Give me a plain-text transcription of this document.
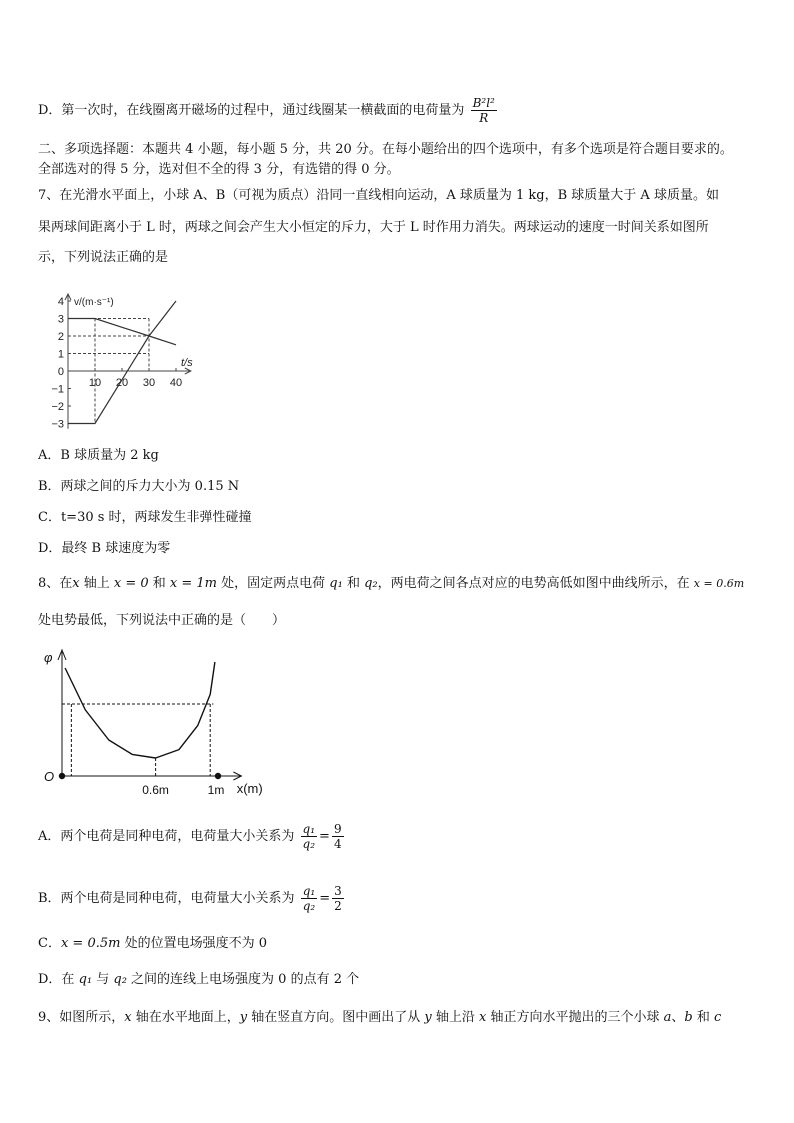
D．第一次时，在线圈离开磁场的过程中，通过线圈某一横截面的电荷量为 $\frac{\text{B²l²}}{R}$
二、多项选择题：本题共 4 小题，每小题 5 分，共 20 分。在每小题给出的四个选项中，有多个选项是符合题目要求的。
全部选对的得 5 分，选对但不全的得 3 分，有选错的得 0 分。
7、在光滑水平面上，小球 A、B（可视为质点）沿同一直线相向运动，A 球质量为 1 kg，B 球质量大于 A 球质量。如
果两球间距离小于 L 时，两球之间会产生大小恒定的斥力，大于 L 时作用力消失。两球运动的速度一时间关系如图所
示，下列说法正确的是
4
3
2
1
0
−1
−2
−3
10 20 30 40
t/s
v/(m·s⁻¹)
A．B 球质量为 2 kg
B．两球之间的斥力大小为 0.15 N
C．t=30 s 时，两球发生非弹性碰撞
D．最终 B 球速度为零
8、在x 轴上 x = 0 和 x = 1m 处，固定两点电荷 q₁ 和 q₂，两电荷之间各点对应的电势高低如图中曲线所示，在 x = 0.6m
处电势最低，下列说法中正确的是（　　）
φ
O
x(m)
0.6m	1m
A．两个电荷是同种电荷，电荷量大小关系为 $\frac{\text{q₁}}{\text{q₂}} = \frac{9}{4}$
B．两个电荷是同种电荷，电荷量大小关系为 $\frac{\text{q₁}}{\text{q₂}} = \frac{3}{2}$
C．x = 0.5m 处的位置电场强度不为 0
D．在 q₁ 与 q₂ 之间的连线上电场强度为 0 的点有 2 个
9、如图所示，x 轴在水平地面上，y 轴在竖直方向。图中画出了从 y 轴上沿 x 轴正方向水平抛出的三个小球 a、b 和 c
